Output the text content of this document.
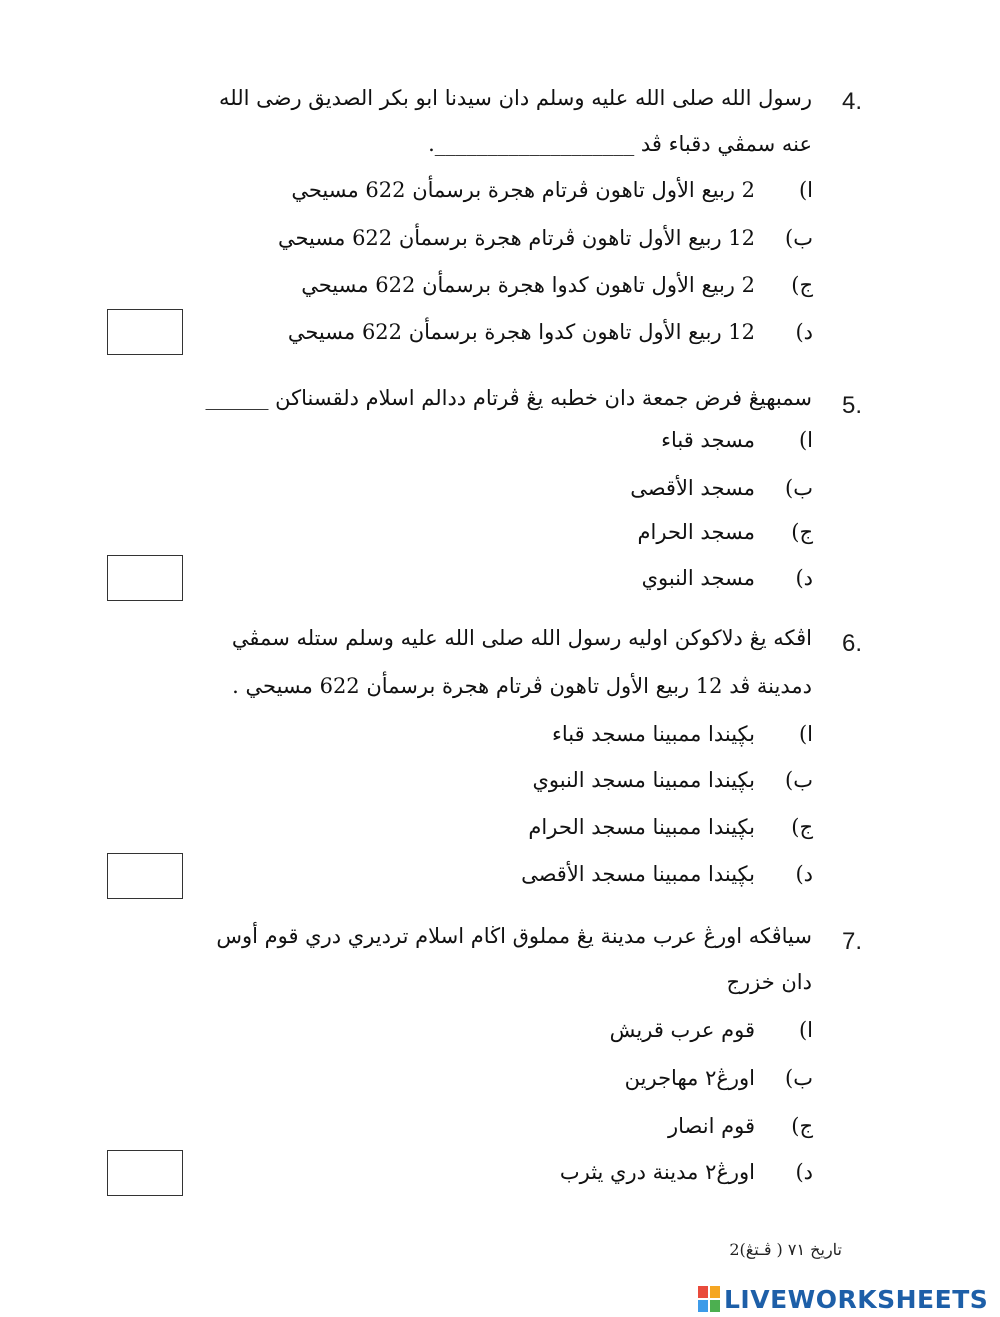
4.
رسول الله صلى الله عليه وسلم دان سيدنا ابو بكر الصديق رضى الله
عنه سمڤي دقباء ڤد ___________________.
ا)2 ربيع الأول تاهون ڤرتام هجرة برسمأن 622 مسيحي
ب)12 ربيع الأول تاهون ڤرتام هجرة برسمأن 622 مسيحي
ج)2 ربيع الأول تاهون كدوا هجرة برسمأن 622 مسيحي
د)12 ربيع الأول تاهون كدوا هجرة برسمأن 622 مسيحي
5.
سمبهيڠ فرض جمعة دان خطبه يڠ ڤرتام ددالم اسلام دلقسناكن ______
ا)مسجد قباء
ب)مسجد الأقصى
ج)مسجد الحرام
د)مسجد النبوي
6.
اڤكه يڠ دلاكوكن اوليه رسول الله صلى الله عليه وسلم ستله سمڤي
دمدينة ڤد 12 ربيع الأول تاهون ڤرتام هجرة برسمأن 622 مسيحي .
ا)بڮيندا ممبينا مسجد قباء
ب)بڮيندا ممبينا مسجد النبوي
ج)بڮيندا ممبينا مسجد الحرام
د)بڮيندا ممبينا مسجد الأقصى
7.
سياڤكه اورڠ عرب مدينة يڠ مملوق اڬام اسلام ترديري دري قوم أوس
دان خزرج
ا)قوم عرب قريش
ب)اورڠ٢ مهاجرين
ج)قوم انصار
د)اورڠ٢ مدينة دري يثرب
تاريخ ٧١ ( ڤـتڠ)2
LIVEWORKSHEETS
